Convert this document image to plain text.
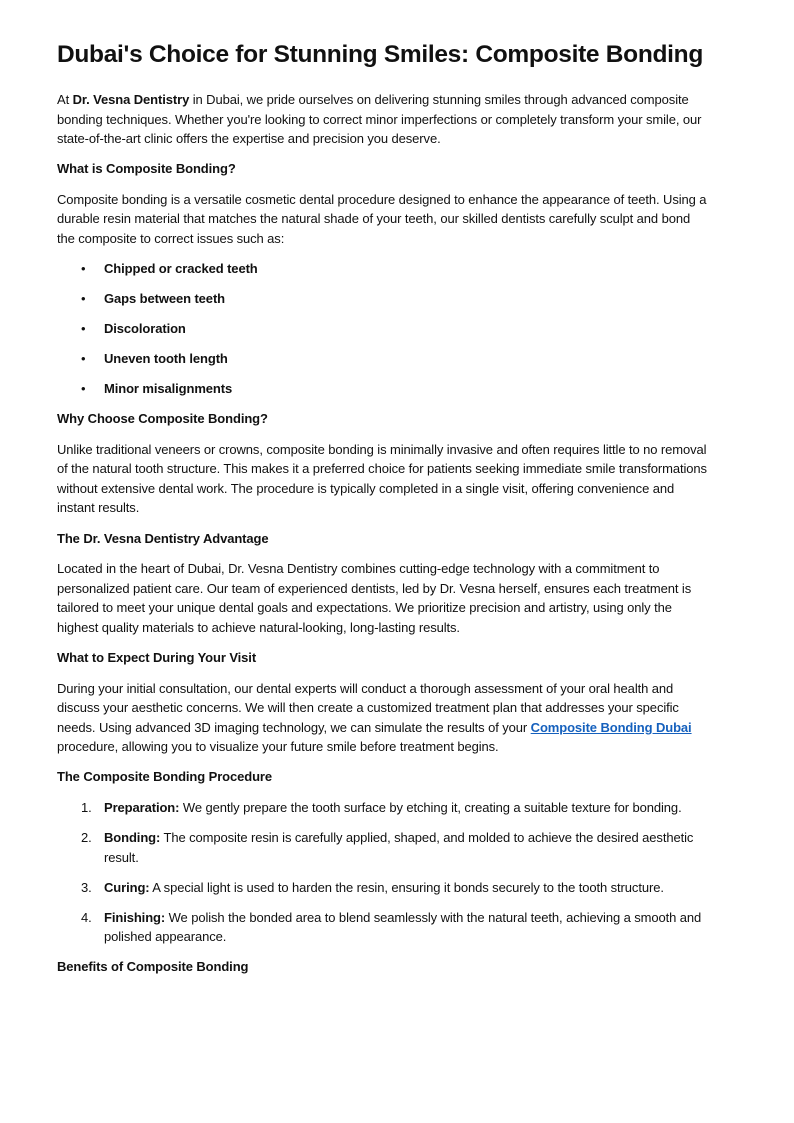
Dubai's Choice for Stunning Smiles: Composite Bonding

At Dr. Vesna Dentistry in Dubai, we pride ourselves on delivering stunning smiles through advanced composite bonding techniques. Whether you're looking to correct minor imperfections or completely transform your smile, our state-of-the-art clinic offers the expertise and precision you deserve.

What is Composite Bonding?

Composite bonding is a versatile cosmetic dental procedure designed to enhance the appearance of teeth. Using a durable resin material that matches the natural shade of your teeth, our skilled dentists carefully sculpt and bond the composite to correct issues such as:

• Chipped or cracked teeth
• Gaps between teeth
• Discoloration
• Uneven tooth length
• Minor misalignments
Why Choose Composite Bonding?

Unlike traditional veneers or crowns, composite bonding is minimally invasive and often requires little to no removal of the natural tooth structure. This makes it a preferred choice for patients seeking immediate smile transformations without extensive dental work. The procedure is typically completed in a single visit, offering convenience and instant results.

The Dr. Vesna Dentistry Advantage

Located in the heart of Dubai, Dr. Vesna Dentistry combines cutting-edge technology with a commitment to personalized patient care. Our team of experienced dentists, led by Dr. Vesna herself, ensures each treatment is tailored to meet your unique dental goals and expectations. We prioritize precision and artistry, using only the highest quality materials to achieve natural-looking, long-lasting results.

What to Expect During Your Visit

During your initial consultation, our dental experts will conduct a thorough assessment of your oral health and discuss your aesthetic concerns. We will then create a customized treatment plan that addresses your specific needs. Using advanced 3D imaging technology, we can simulate the results of your Composite Bonding Dubai procedure, allowing you to visualize your future smile before treatment begins.

The Composite Bonding Procedure
1. Preparation: We gently prepare the tooth surface by etching it, creating a suitable texture for bonding.
2. Bonding: The composite resin is carefully applied, shaped, and molded to achieve the desired aesthetic result.
3. Curing: A special light is used to harden the resin, ensuring it bonds securely to the tooth structure.
4. Finishing: We polish the bonded area to blend seamlessly with the natural teeth, achieving a smooth and polished appearance.
Benefits of Composite Bonding
